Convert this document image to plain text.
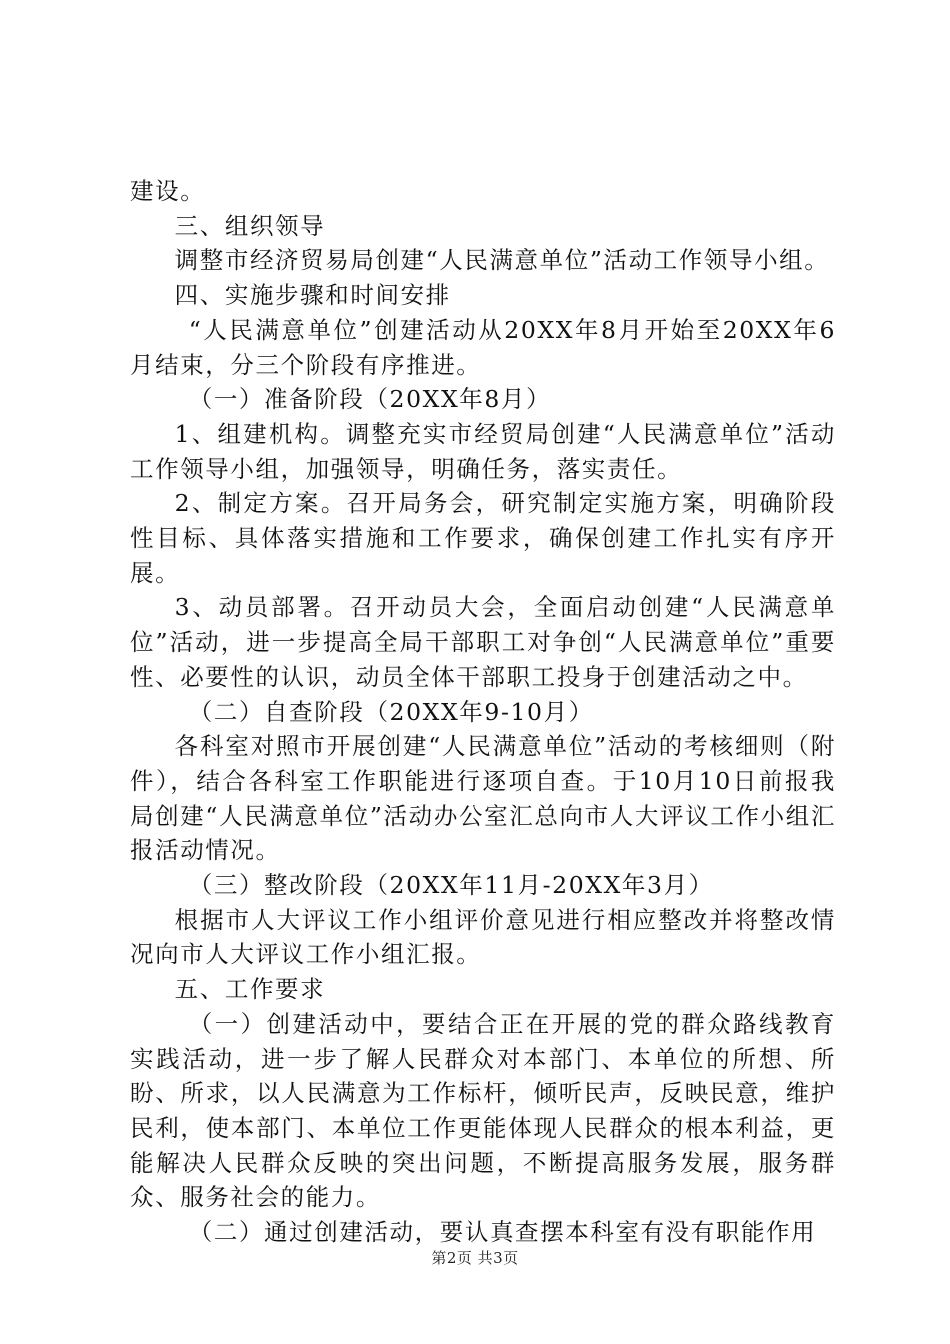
建设。

三、组织领导

调整市经济贸易局创建“人民满意单位”活动工作领导小组。

四、实施步骤和时间安排

“人民满意单位”创建活动从20XX年8月开始至20XX年6月结束，分三个阶段有序推进。

（一）准备阶段（20XX年8月）

1、组建机构。调整充实市经贸局创建“人民满意单位”活动工作领导小组，加强领导，明确任务，落实责任。

2、制定方案。召开局务会，研究制定实施方案，明确阶段性目标、具体落实措施和工作要求，确保创建工作扎实有序开展。

3、动员部署。召开动员大会，全面启动创建“人民满意单位”活动，进一步提高全局干部职工对争创“人民满意单位”重要性、必要性的认识，动员全体干部职工投身于创建活动之中。

（二）自查阶段（20XX年9-10月）

各科室对照市开展创建“人民满意单位”活动的考核细则（附件），结合各科室工作职能进行逐项自查。于10月10日前报我局创建“人民满意单位”活动办公室汇总向市人大评议工作小组汇报活动情况。

（三）整改阶段（20XX年11月-20XX年3月）

根据市人大评议工作小组评价意见进行相应整改并将整改情况向市人大评议工作小组汇报。

五、工作要求

（一）创建活动中，要结合正在开展的党的群众路线教育实践活动，进一步了解人民群众对本部门、本单位的所想、所盼、所求，以人民满意为工作标杆，倾听民声，反映民意，维护民利，使本部门、本单位工作更能体现人民群众的根本利益，更能解决人民群众反映的突出问题，不断提高服务发展，服务群众、服务社会的能力。

（二）通过创建活动，要认真查摆本科室有没有职能作用

第2页 共3页
